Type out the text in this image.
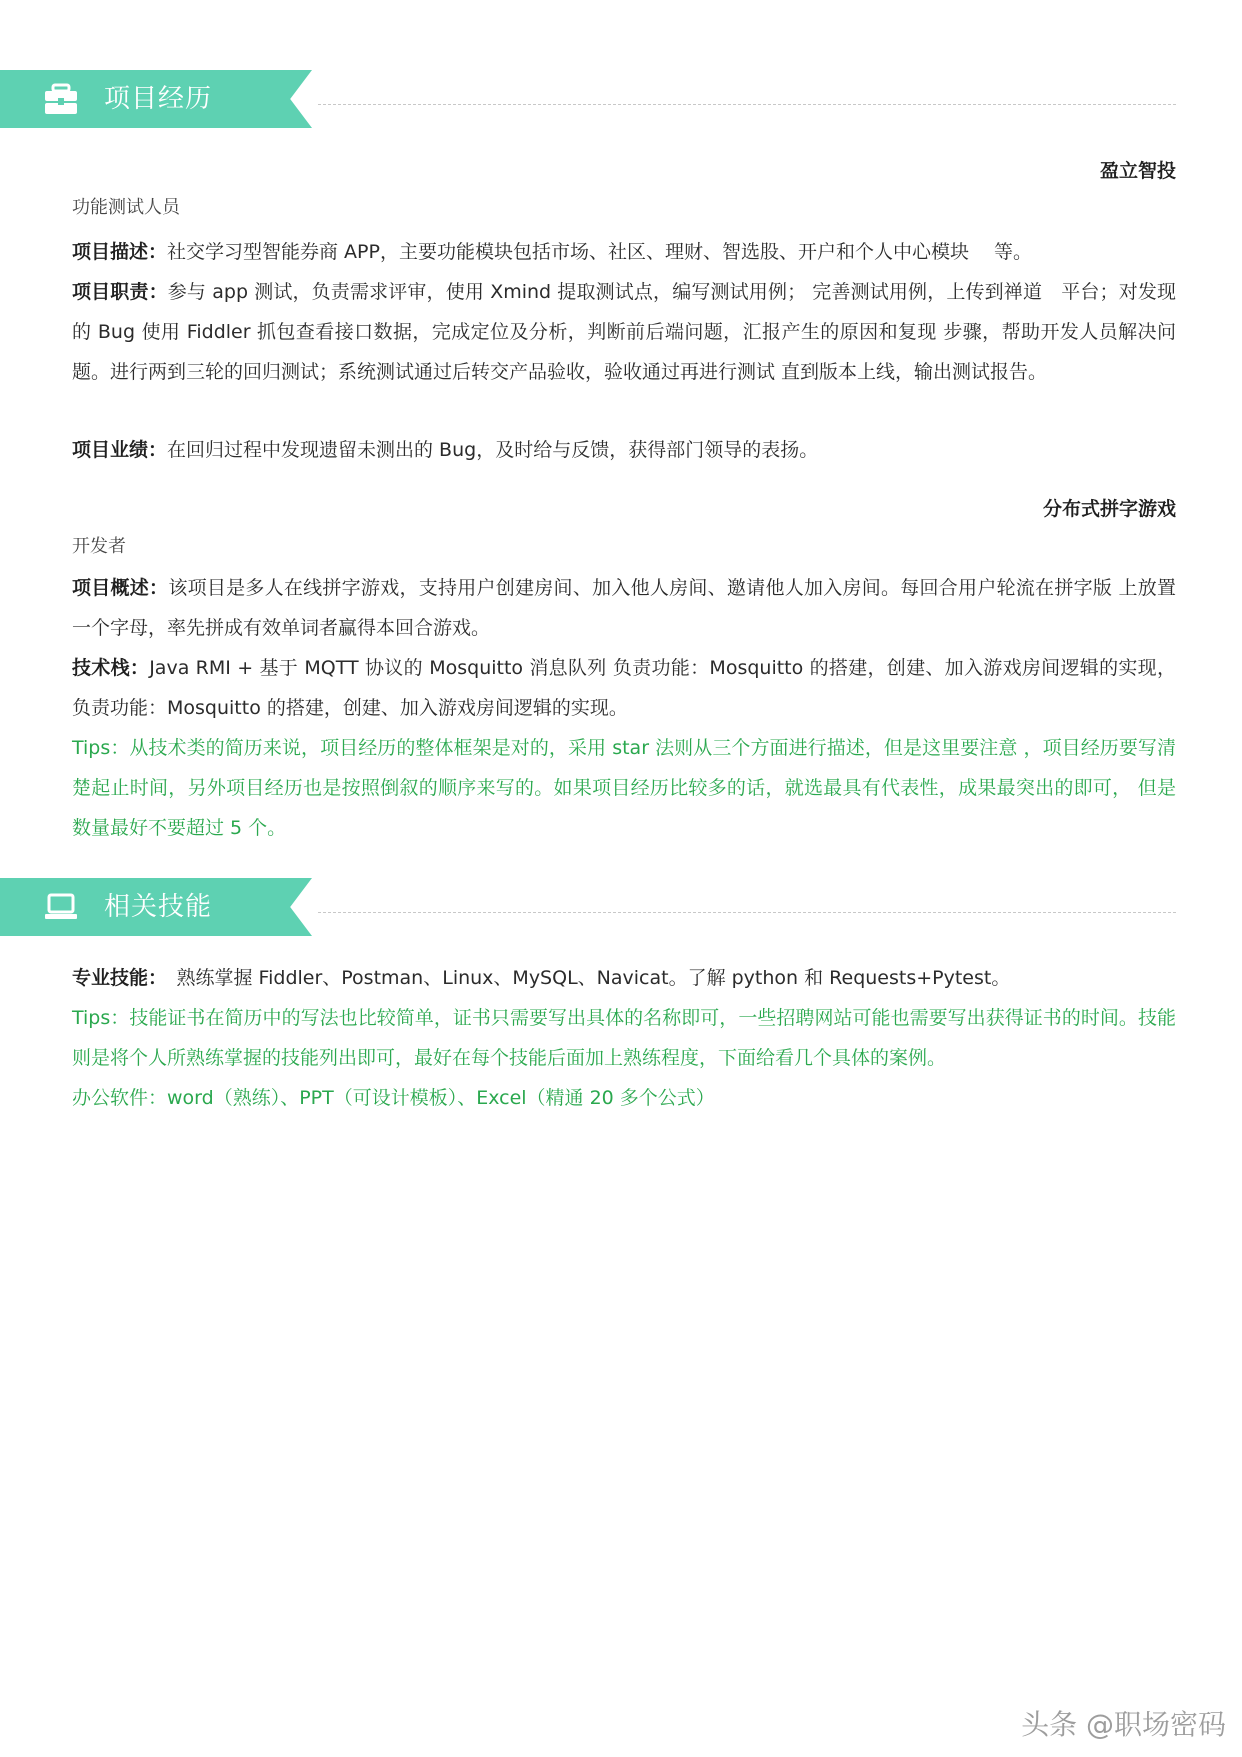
项目经历
盈立智投
功能测试人员
项目描述：社交学习型智能券商 APP，主要功能模块包括市场、社区、理财、智选股、开户和个人中心模块　 等。
项目职责：参与 app 测试，负责需求评审，使用 Xmind 提取测试点，编写测试用例； 完善测试用例，上传到禅道　平台；对发现的 Bug 使用 Fiddler 抓包查看接口数据，完成定位及分析，判断前后端问题，汇报产生的原因和复现 步骤，帮助开发人员解决问题。进行两到三轮的回归测试；系统测试通过后转交产品验收，验收通过再进行测试 直到版本上线，输出测试报告。
项目业绩：在回归过程中发现遗留未测出的 Bug，及时给与反馈，获得部门领导的表扬。
分布式拼字游戏
开发者
项目概述：该项目是多人在线拼字游戏，支持用户创建房间、加入他人房间、邀请他人加入房间。每回合用户轮流在拼字版 上放置一个字母，率先拼成有效单词者赢得本回合游戏。
技术栈：Java RMI + 基于 MQTT 协议的 Mosquitto 消息队列 负责功能：Mosquitto 的搭建，创建、加入游戏房间逻辑的实现，负责功能：Mosquitto 的搭建，创建、加入游戏房间逻辑的实现。
Tips：从技术类的简历来说，项目经历的整体框架是对的，采用 star 法则从三个方面进行描述，但是这里要注意 ，项目经历要写清楚起止时间，另外项目经历也是按照倒叙的顺序来写的。如果项目经历比较多的话，就选最具有代表性，成果最突出的即可， 但是数量最好不要超过 5 个。
相关技能
专业技能：　熟练掌握 Fiddler、Postman、Linux、MySQL、Navicat。了解 python 和 Requests+Pytest。
Tips：技能证书在简历中的写法也比较简单，证书只需要写出具体的名称即可，一些招聘网站可能也需要写出获得证书的时间。技能则是将个人所熟练掌握的技能列出即可，最好在每个技能后面加上熟练程度，下面给看几个具体的案例。
办公软件：word（熟练）、PPT（可设计模板）、Excel（精通 20 多个公式）
头条 @职场密码
